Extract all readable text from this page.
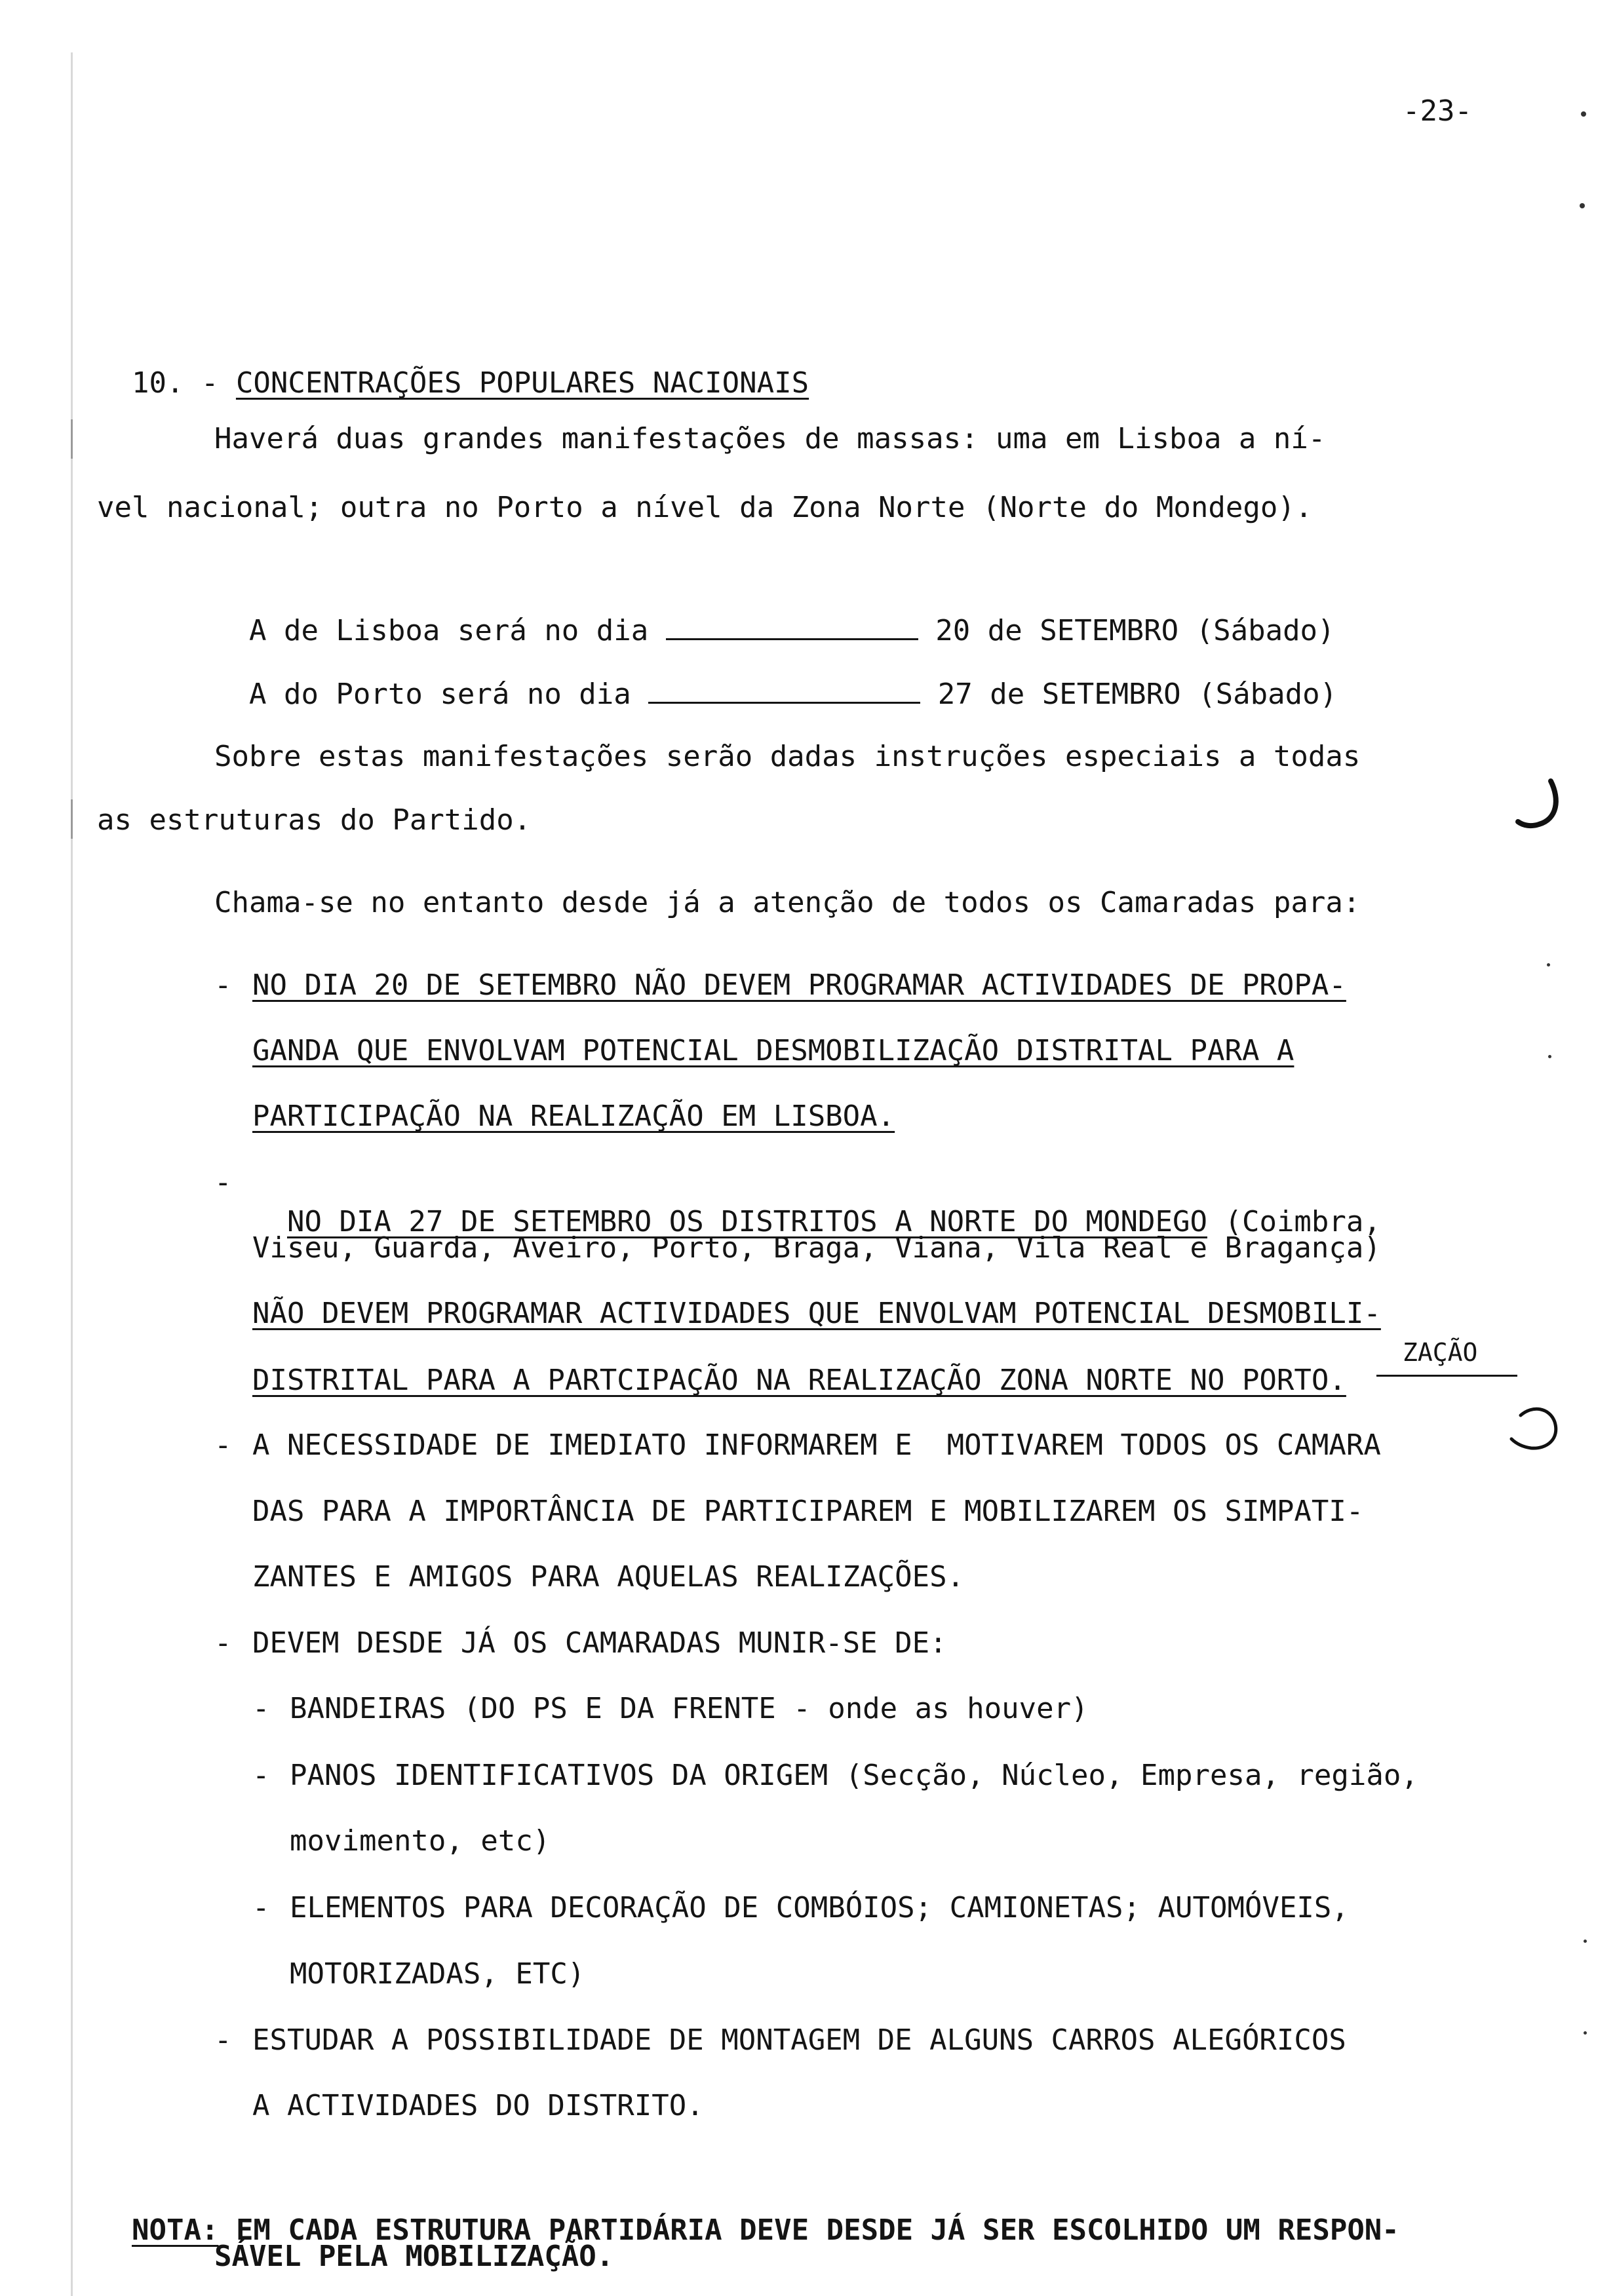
-23-

10. - CONCENTRAÇÕES POPULARES NACIONAIS

Haverá duas grandes manifestações de massas: uma em Lisboa a ní-
vel nacional; outra no Porto a nível da Zona Norte (Norte do Mondego).

A de Lisboa será no dia	20 de SETEMBRO (Sábado)

A do Porto será no dia	27 de SETEMBRO (Sábado)

Sobre estas manifestações serão dadas instruções especiais a todas
as estruturas do Partido.
Chama-se no entanto desde já a atenção de todos os Camaradas para:
- NO DIA 20 DE SETEMBRO NÃO DEVEM PROGRAMAR ACTIVIDADES DE PROPA-
GANDA QUE ENVOLVAM POTENCIAL DESMOBILIZAÇÃO DISTRITAL PARA A
PARTICIPAÇÃO NA REALIZAÇÃO EM LISBOA.
-

NO DIA 27 DE SETEMBRO OS DISTRITOS A NORTE DO MONDEGO (Coimbra,

Viseu, Guarda, Aveiro, Porto, Braga, Viana, Vila Real e Bragança)
NÃO DEVEM PROGRAMAR ACTIVIDADES QUE ENVOLVAM POTENCIAL DESMOBILI-
ZAÇÃO
DISTRITAL PARA A PARTCIPAÇÃO NA REALIZAÇÃO ZONA NORTE NO PORTO.
- A NECESSIDADE DE IMEDIATO INFORMAREM E  MOTIVAREM TODOS OS CAMARA
DAS PARA A IMPORTÂNCIA DE PARTICIPAREM E MOBILIZAREM OS SIMPATI-
ZANTES E AMIGOS PARA AQUELAS REALIZAÇÕES.
- DEVEM DESDE JÁ OS CAMARADAS MUNIR-SE DE:
- BANDEIRAS (DO PS E DA FRENTE - onde as houver)
- PANOS IDENTIFICATIVOS DA ORIGEM (Secção, Núcleo, Empresa, região,
movimento, etc)
- ELEMENTOS PARA DECORAÇÃO DE COMBÓIOS; CAMIONETAS; AUTOMÓVEIS,
MOTORIZADAS, ETC)
- ESTUDAR A POSSIBILIDADE DE MONTAGEM DE ALGUNS CARROS ALEGÓRICOS
A ACTIVIDADES DO DISTRITO.

NOTA: EM CADA ESTRUTURA PARTIDÁRIA DEVE DESDE JÁ SER ESCOLHIDO UM RESPON-

SÁVEL PELA MOBILIZAÇÃO.
